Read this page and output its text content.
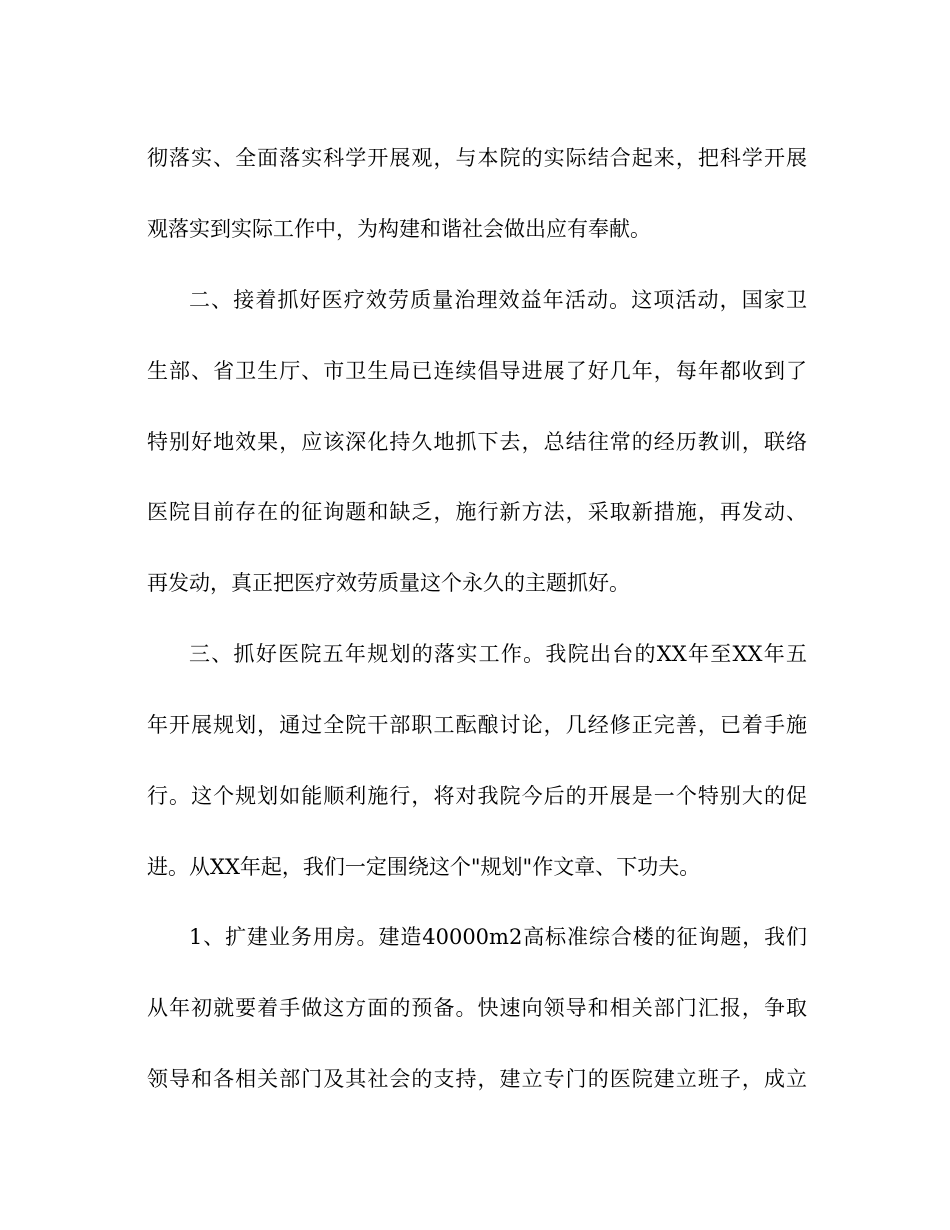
彻落实、全面落实科学开展观，与本院的实际结合起来，把科学开展
观落实到实际工作中，为构建和谐社会做出应有奉献。
二、接着抓好医疗效劳质量治理效益年活动。这项活动，国家卫
生部、省卫生厅、市卫生局已连续倡导进展了好几年，每年都收到了
特别好地效果，应该深化持久地抓下去，总结往常的经历教训，联络
医院目前存在的征询题和缺乏，施行新方法，采取新措施，再发动、
再发动，真正把医疗效劳质量这个永久的主题抓好。
三、抓好医院五年规划的落实工作。我院出台的XX年至XX年五
年开展规划，通过全院干部职工酝酿讨论，几经修正完善，已着手施
行。这个规划如能顺利施行，将对我院今后的开展是一个特别大的促
进。从XX年起，我们一定围绕这个"规划"作文章、下功夫。
1、扩建业务用房。建造40000m2高标准综合楼的征询题，我们
从年初就要着手做这方面的预备。快速向领导和相关部门汇报，争取
领导和各相关部门及其社会的支持，建立专门的医院建立班子，成立
